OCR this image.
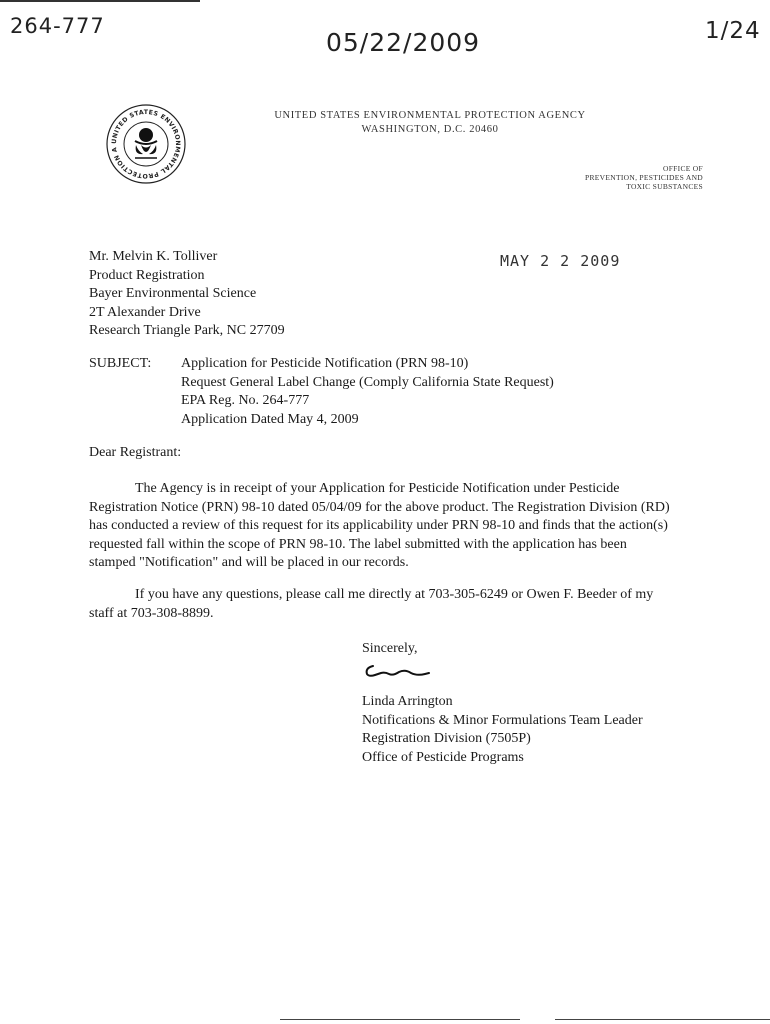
264-777
05/22/2009	1/24
UNITED STATES ENVIRONMENTAL PROTECTION A
UNITED STATES ENVIRONMENTAL PROTECTION AGENCY
WASHINGTON, D.C. 20460
OFFICE OF
PREVENTION, PESTICIDES AND
TOXIC SUBSTANCES
MAY 2 2 2009
Mr. Melvin K. Tolliver
Product Registration
Bayer Environmental Science
2T Alexander Drive
Research Triangle Park, NC 27709
SUBJECT: Application for Pesticide Notification (PRN 98-10)
Request General Label Change (Comply California State Request)
EPA Reg. No. 264-777
Application Dated May 4, 2009
Dear Registrant:

The Agency is in receipt of your Application for Pesticide Notification under Pesticide Registration Notice (PRN) 98-10 dated 05/04/09 for the above product. The Registration Division (RD) has conducted a review of this request for its applicability under PRN 98-10 and finds that the action(s) requested fall within the scope of PRN 98-10. The label submitted with the application has been stamped "Notification" and will be placed in our records.

If you have any questions, please call me directly at 703-305-6249 or Owen F. Beeder of my staff at 703-308-8899.

Sincerely,
Linda Arrington
Notifications & Minor Formulations Team Leader
Registration Division (7505P)
Office of Pesticide Programs
